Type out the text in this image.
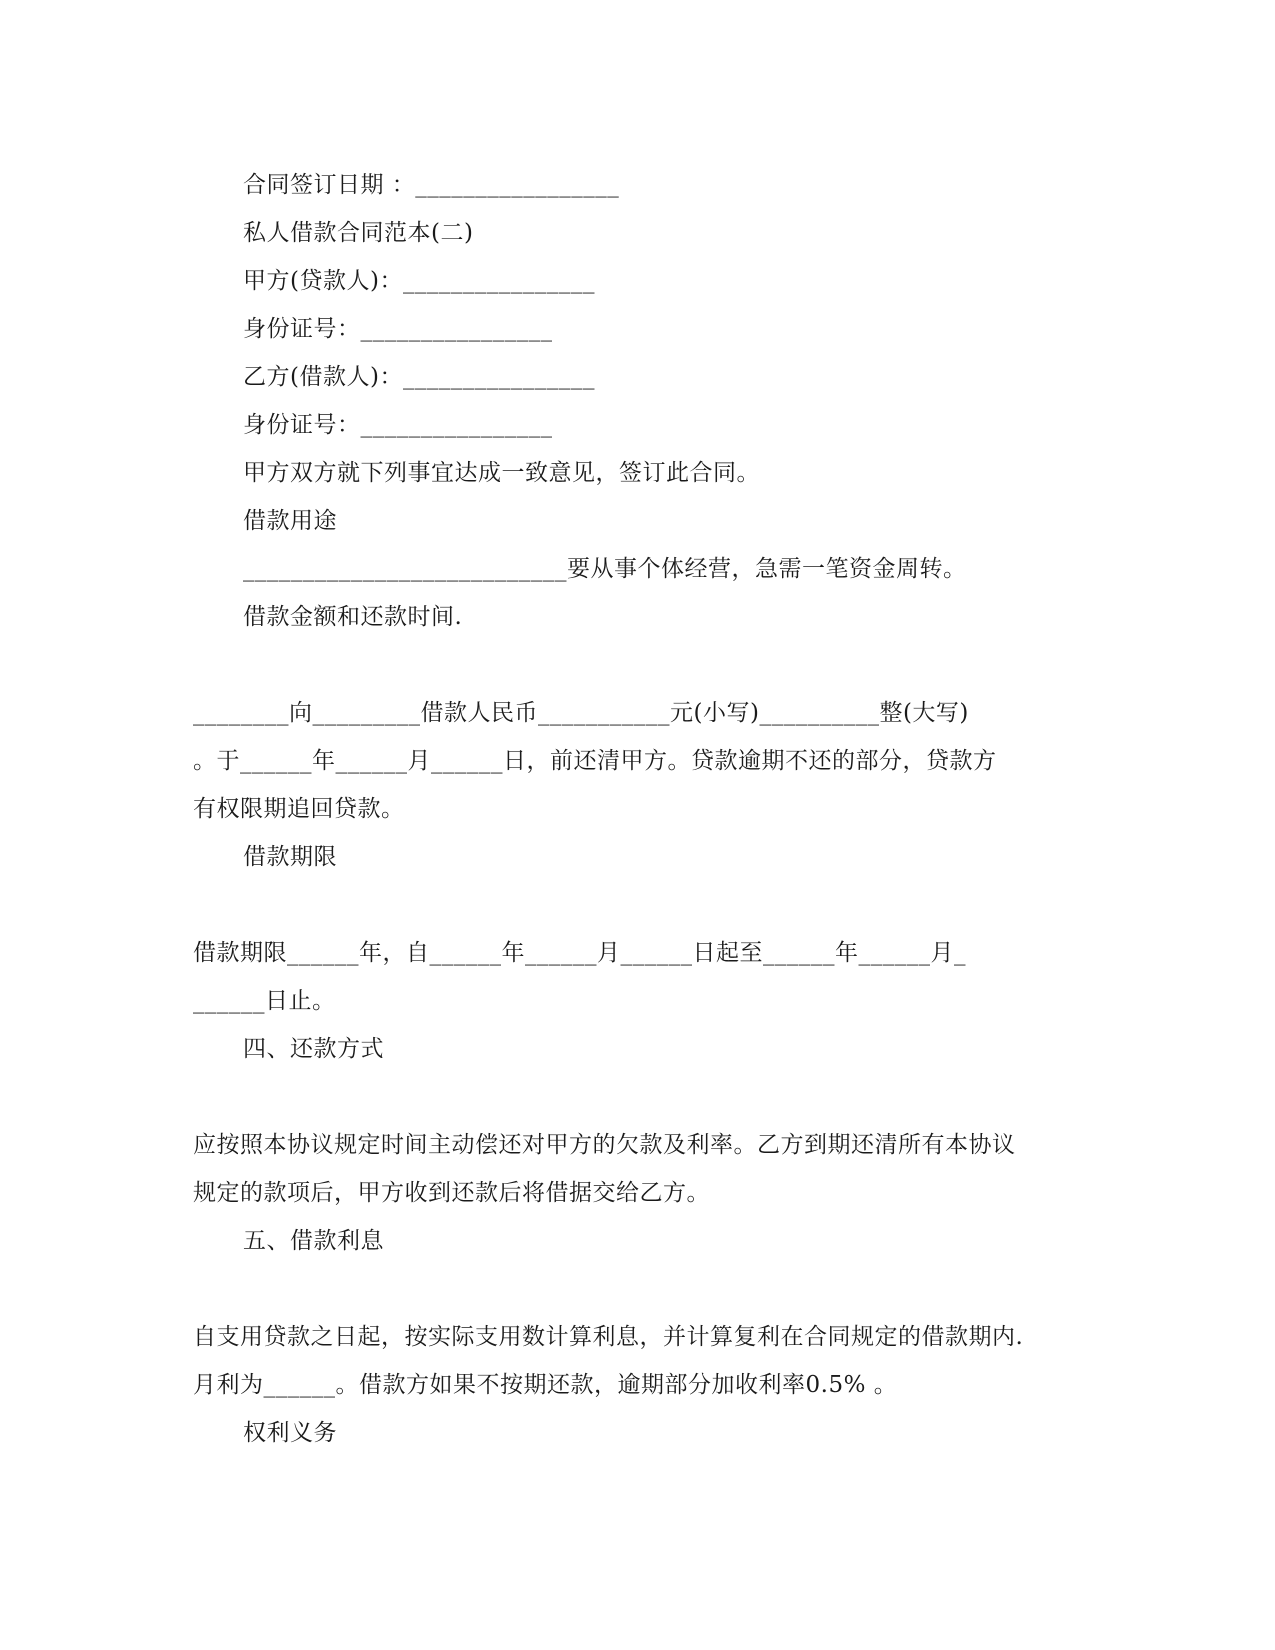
合同签订日期 ：_________________
私人借款合同范本(二)
甲方(贷款人)：________________
身份证号：________________
乙方(借款人)：________________
身份证号：________________
甲方双方就下列事宜达成一致意见，签订此合同。
借款用途
___________________________要从事个体经营，急需一笔资金周转。
借款金额和还款时间.
________向_________借款人民币___________元(小写)__________整(大写)
。于______年______月______日，前还清甲方。贷款逾期不还的部分，贷款方
有权限期追回贷款。
借款期限
借款期限______年，自______年______月______日起至______年______月_
______日止。
四、还款方式
应按照本协议规定时间主动偿还对甲方的欠款及利率。乙方到期还清所有本协议
规定的款项后，甲方收到还款后将借据交给乙方。
五、借款利息
自支用贷款之日起，按实际支用数计算利息，并计算复利在合同规定的借款期内.
月利为______。借款方如果不按期还款，逾期部分加收利率0.5% 。
权利义务
